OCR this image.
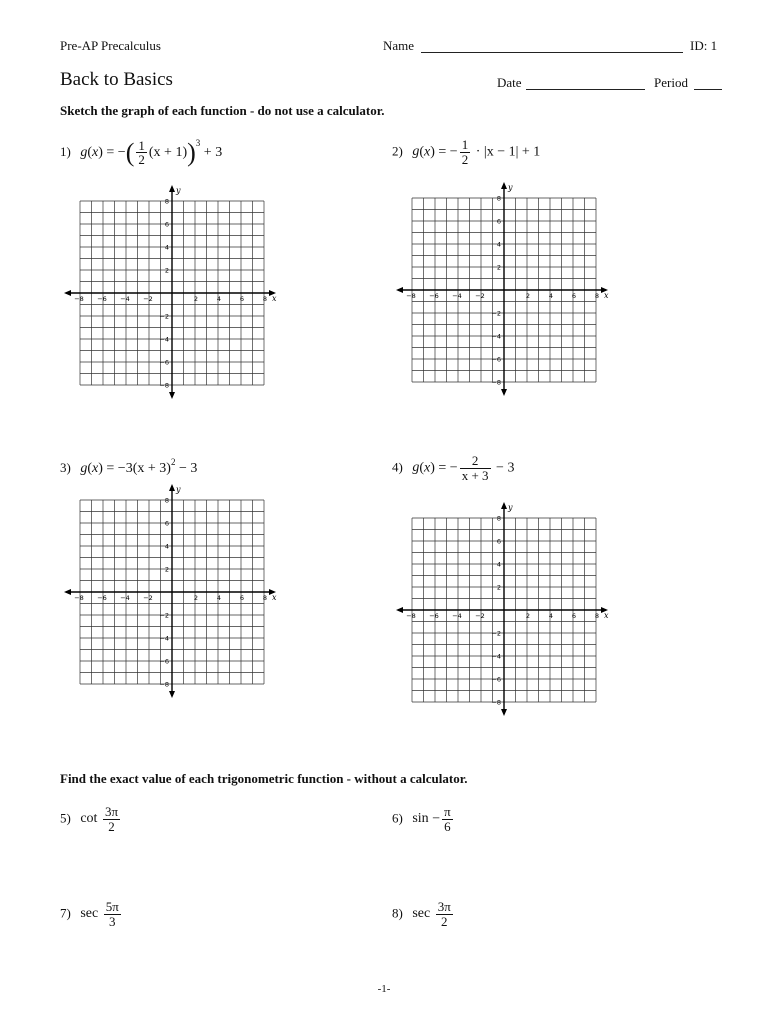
Pre-AP Precalculus	Name	ID: 1
Back to Basics	Date	Period
Sketch the graph of each function - do not use a calculator.
1) g(x) = −( $\frac{1}{2} (x + 1))^3 + 3$	2) g(x) = − $\frac{1}{2} \cdot |x - 1| + 1$
3) $g(x) = -3(x + 3)^2 - 3$	4) g(x) = − $\frac{2}{x + 3} - 3$
−8 −6 −4 −2	2	4	6	8
8
6
4
2
−2
−4
−6
−8
x
y
−8 −6 −4 −2	2	4	6	8
8
6
4
2
−2
−4
−6
−8
x
y
−8 −6 −4 −2	2	4	6	8
8
6
4
2
−2
−4
−6
−8
x
y
−8 −6 −4 −2	2	4	6	8
8
6
4
2
−2
−4
−6
−8
x
y
Find the exact value of each trigonometric function - without a calculator.
5) $\cot \frac{3\pi}{2}$	6) $\sin - \frac{\pi}{6}$
7) $\sec \frac{5\pi}{3}$	8) $\sec \frac{3\pi}{2}$
-1-
